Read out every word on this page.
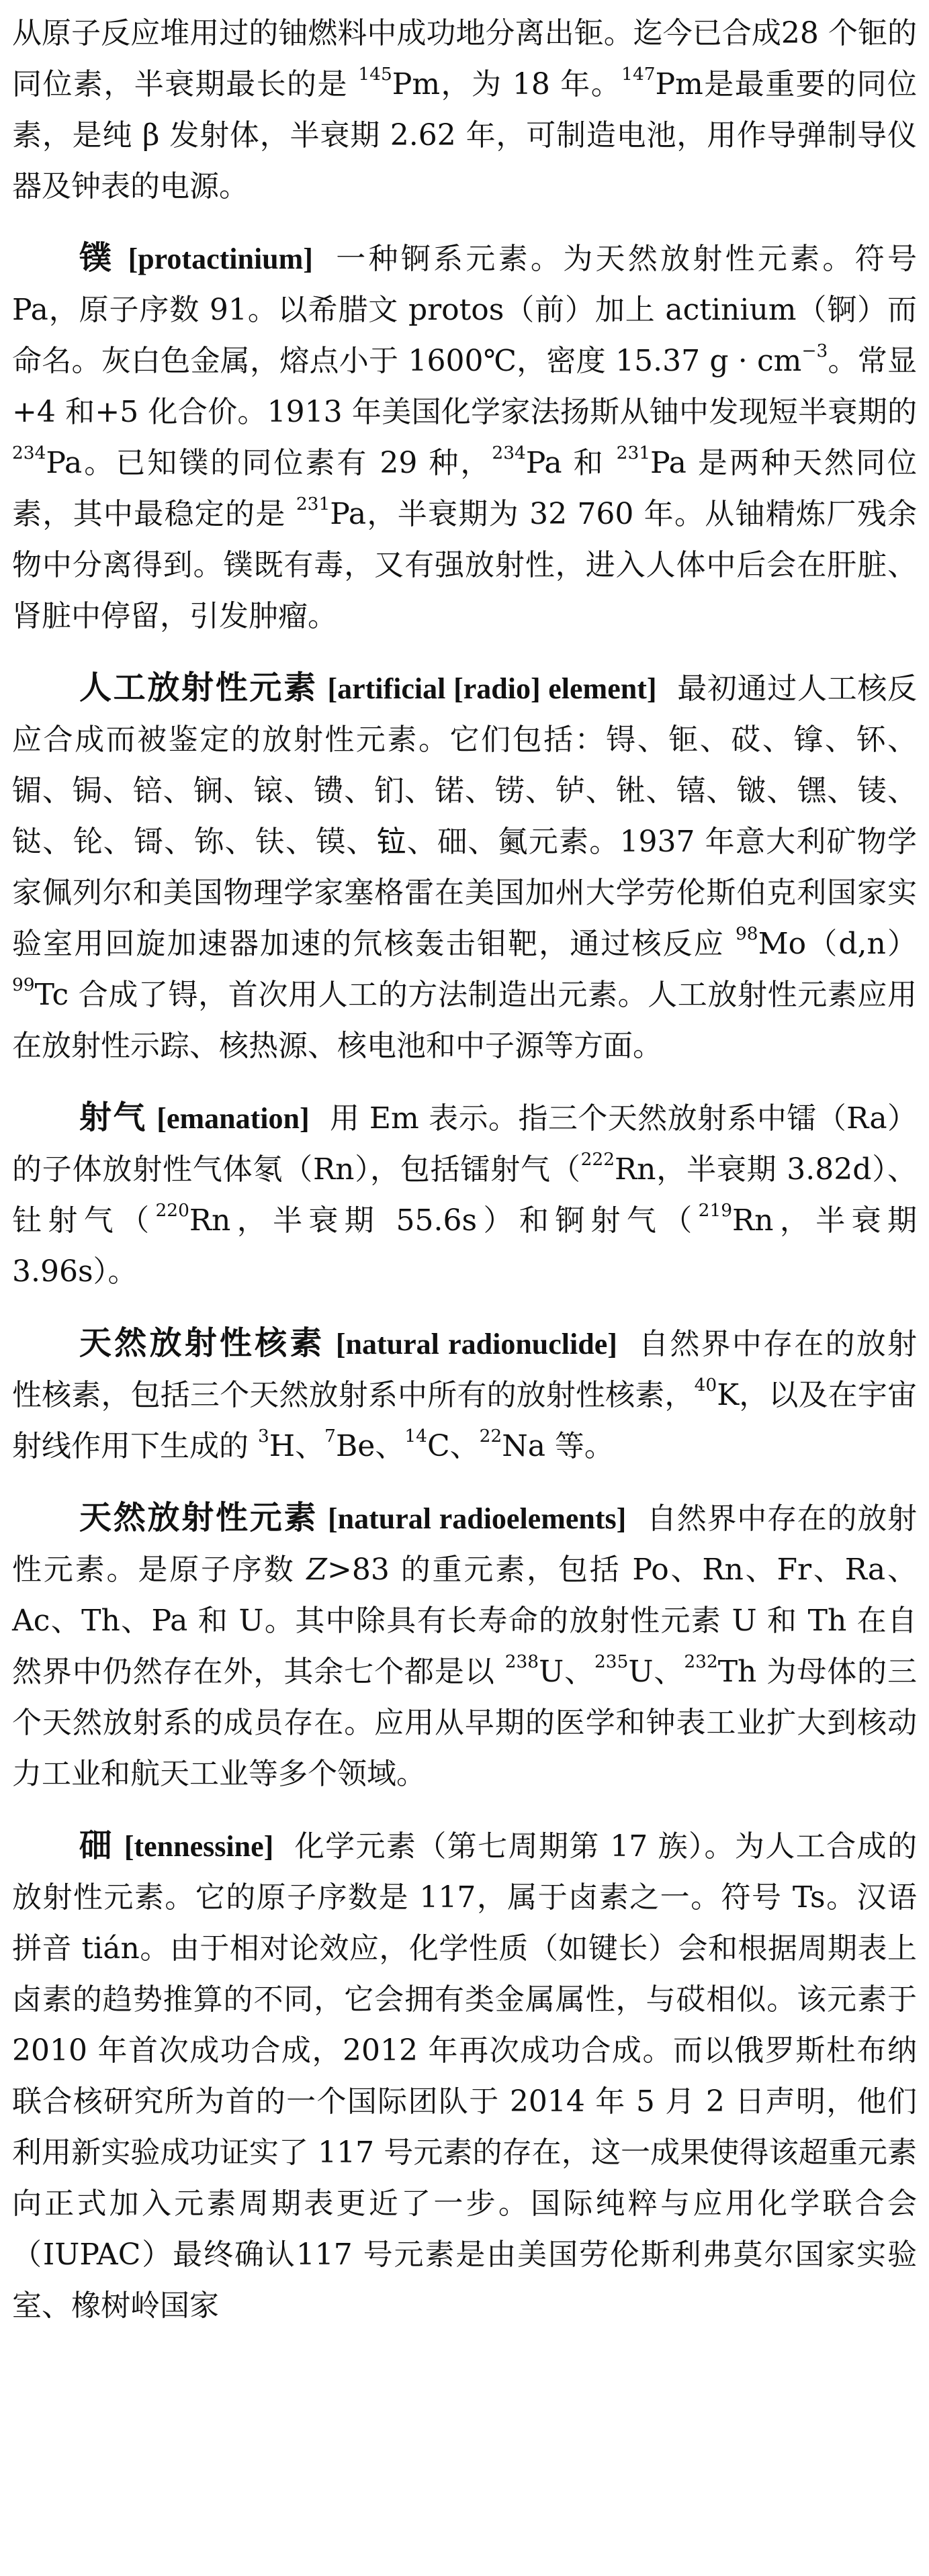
从原子反应堆用过的铀燃料中成功地分离出钷。迄今已合成28 个钷的同位素，半衰期最长的是 $^{145}$Pm，为 18 年。$^{147}$Pm是最重要的同位素，是纯 β 发射体，半衰期 2.62 年，可制造电池，用作导弹制导仪器及钟表的电源。

镤 [protactinium] 一种锕系元素。为天然放射性元素。符号 Pa，原子序数 91。以希腊文 protos（前）加上 actinium（锕）而命名。灰白色金属，熔点小于 1600℃，密度 15.37 $g \cdot cm^{-3}$。常显+4 和+5 化合价。1913 年美国化学家法扬斯从铀中发现短半衰期的 $^{234}$Pa。已知镤的同位素有 29 种，$^{234}$Pa 和 $^{231}$Pa 是两种天然同位素，其中最稳定的是 $^{231}$Pa，半衰期为 32 760 年。从铀精炼厂残余物中分离得到。镤既有毒，又有强放射性，进入人体中后会在肝脏、肾脏中停留，引发肿瘤。

人工放射性元素 [artificial [radio] element] 最初通过人工核反应合成而被鉴定的放射性元素。它们包括：锝、钷、砹、镎、钚、镅、锔、锫、锎、锿、镄、钔、锘、铹、𬬻、𬭊、𬭳、𬭛、𬭶、鿏、𫟼、𬬭、鿔、鿭、𫓧、镆、𫟷、鿬、鿫元素。1937 年意大利矿物学家佩列尔和美国物理学家塞格雷在美国加州大学劳伦斯伯克利国家实验室用回旋加速器加速的氘核轰击钼靶，通过核反应 $^{98}Mo(d,n)^{99}Tc$ 合成了锝，首次用人工的方法制造出元素。人工放射性元素应用在放射性示踪、核热源、核电池和中子源等方面。

射气 [emanation] 用 Em 表示。指三个天然放射系中镭（Ra）的子体放射性气体氡（Rn），包括镭射气（$^{222}$Rn，半衰期 3.82d）、钍射气（$^{220}$Rn，半衰期 55.6s）和锕射气（$^{219}$Rn，半衰期 3.96s）。

天然放射性核素 [natural radionuclide] 自然界中存在的放射性核素，包括三个天然放射系中所有的放射性核素，$^{40}$K，以及在宇宙射线作用下生成的 $^3$H、$^7$Be、$^{14}$C、$^{22}$Na 等。

天然放射性元素 [natural radioelements] 自然界中存在的放射性元素。是原子序数 Z>83 的重元素，包括 Po、Rn、Fr、Ra、Ac、Th、Pa 和 U。其中除具有长寿命的放射性元素 U 和 Th 在自然界中仍然存在外，其余七个都是以 $^{238}$U、$^{235}$U、$^{232}$Th 为母体的三个天然放射系的成员存在。应用从早期的医学和钟表工业扩大到核动力工业和航天工业等多个领域。

鿬 [tennessine] 化学元素（第七周期第 17 族）。为人工合成的放射性元素。它的原子序数是 117，属于卤素之一。符号 Ts。汉语拼音 tián。由于相对论效应，化学性质（如键长）会和根据周期表上卤素的趋势推算的不同，它会拥有类金属属性，与砹相似。该元素于 2010 年首次成功合成，2012 年再次成功合成。而以俄罗斯杜布纳联合核研究所为首的一个国际团队于 2014 年 5 月 2 日声明，他们利用新实验成功证实了 117 号元素的存在，这一成果使得该超重元素向正式加入元素周期表更近了一步。国际纯粹与应用化学联合会（IUPAC）最终确认117 号元素是由美国劳伦斯利弗莫尔国家实验室、橡树岭国家
